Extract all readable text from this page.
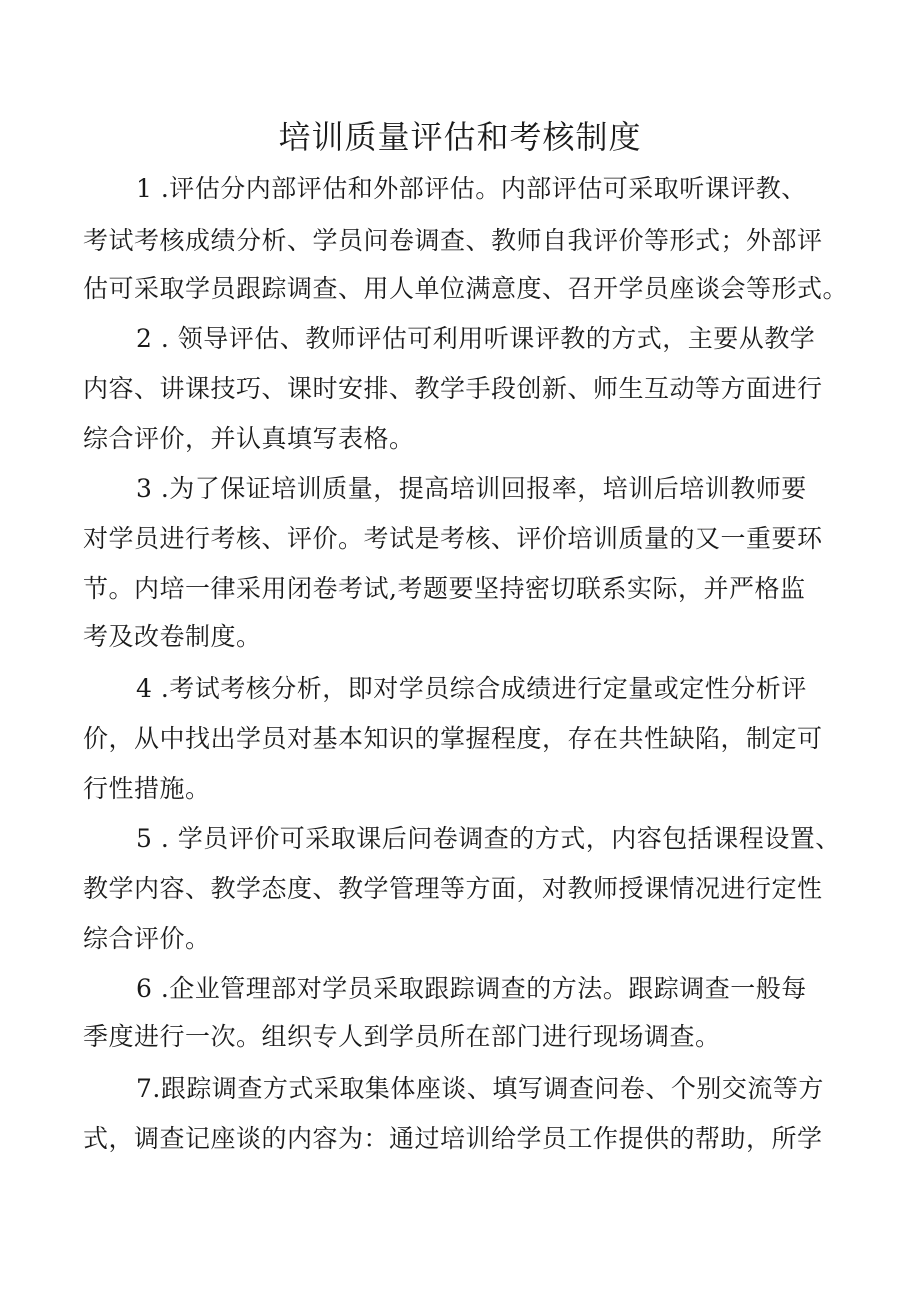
培训质量评估和考核制度
1 .评估分内部评估和外部评估。内部评估可采取听课评教、
考试考核成绩分析、学员问卷调查、教师自我评价等形式；外部评
估可采取学员跟踪调查、用人单位满意度、召开学员座谈会等形式。
2 . 领导评估、教师评估可利用听课评教的方式，主要从教学
内容、讲课技巧、课时安排、教学手段创新、师生互动等方面进行
综合评价，并认真填写表格。
3 .为了保证培训质量，提高培训回报率，培训后培训教师要
对学员进行考核、评价。考试是考核、评价培训质量的又一重要环
节。内培一律采用闭卷考试,考题要坚持密切联系实际，并严格监
考及改卷制度。
4 .考试考核分析，即对学员综合成绩进行定量或定性分析评
价，从中找出学员对基本知识的掌握程度，存在共性缺陷，制定可
行性措施。
5 . 学员评价可采取课后问卷调查的方式，内容包括课程设置、
教学内容、教学态度、教学管理等方面，对教师授课情况进行定性
综合评价。
6 .企业管理部对学员采取跟踪调查的方法。跟踪调查一般每
季度进行一次。组织专人到学员所在部门进行现场调查。
7.跟踪调查方式采取集体座谈、填写调查问卷、个别交流等方
式，调查记座谈的内容为：通过培训给学员工作提供的帮助，所学
